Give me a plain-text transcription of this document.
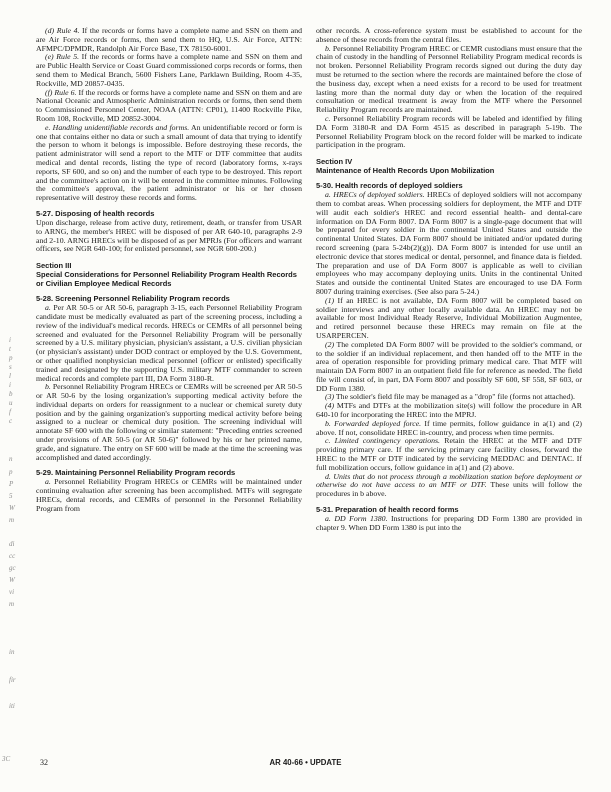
i
t
p
s
l
i
b
u
f
c
n
p
P
5
W
m
di
cc
gc
W
vi
m
in
fir
iti
3C

(d) Rule 4. If the records or forms have a complete name and SSN on them and are Air Force records or forms, then send them to HQ, U.S. Air Force, ATTN: AFMPC/DPMDR, Randolph Air Force Base, TX 78150-6001.

(e) Rule 5. If the records or forms have a complete name and SSN on them and are Public Health Service or Coast Guard commissioned corps records or forms, then send them to Medical Branch, 5600 Fishers Lane, Parklawn Building, Room 4-35, Rockville, MD 20857-0435.

(f) Rule 6. If the records or forms have a complete name and SSN on them and are National Oceanic and Atmospheric Administration records or forms, then send them to Commissioned Personnel Center, NOAA (ATTN: CP01), 11400 Rockville Pike, Room 108, Rockville, MD 20852-3004.

e. Handling unidentifiable records and forms. An unidentifiable record or form is one that contains either no data or such a small amount of data that trying to identify the person to whom it belongs is impossible. Before destroying these records, the patient administrator will send a report to the MTF or DTF committee that audits medical and dental records, listing the type of record (laboratory forms, x-rays reports, SF 600, and so on) and the number of each type to be destroyed. This report and the committee's action on it will be entered in the committee minutes. Following the committee's approval, the patient administrator or his or her chosen representative will destroy these records and forms.

5-27. Disposing of health records

Upon discharge, release from active duty, retirement, death, or transfer from USAR to ARNG, the member's HREC will be disposed of per AR 640-10, paragraphs 2-9 and 2-10. ARNG HRECs will be disposed of as per MPRJs (For officers and warrant officers, see NGR 640-100; for enlisted personnel, see NGR 600-200.)

Section III

Special Considerations for Personnel Reliability Program Health Records or Civilian Employee Medical Records

5-28. Screening Personnel Reliability Program records

a. Per AR 50-5 or AR 50-6, paragraph 3-15, each Personnel Reliability Program candidate must be medically evaluated as part of the screening process, including a review of the individual's medical records. HRECs or CEMRs of all personnel being screened and evaluated for the Personnel Reliability Program will be personally screened by a U.S. military physician, physician's assistant, a U.S. civilian physician (or physician's assistant) under DOD contract or employed by the U.S. Government, or other qualified nonphysician medical personnel (officer or enlisted) specifically trained and designated by the supporting U.S. military MTF commander to screen medical records and complete part III, DA Form 3180-R.

b. Personnel Reliability Program HRECs or CEMRs will be screened per AR 50-5 or AR 50-6 by the losing organization's supporting medical activity before the individual departs on orders for reassignment to a nuclear or chemical surety duty position and by the gaining organization's supporting medical activity before being assigned to a nuclear or chemical duty position. The screening individual will annotate SF 600 with the following or similar statement: "Preceding entries screened under provisions of AR 50-5 (or AR 50-6)" followed by his or her printed name, grade, and signature. The entry on SF 600 will be made at the time the screening was accomplished and dated accordingly.

5-29. Maintaining Personnel Reliability Program records

a. Personnel Reliability Program HRECs or CEMRs will be maintained under continuing evaluation after screening has been accomplished. MTFs will segregate HRECs, dental records, and CEMRs of personnel in the Personnel Reliability Program from

other records. A cross-reference system must be established to account for the absence of these records from the central files.

b. Personnel Reliability Program HREC or CEMR custodians must ensure that the chain of custody in the handling of Personnel Reliability Program medical records is not broken. Personnel Reliability Program records signed out during the duty day must be returned to the section where the records are maintained before the close of the business day, except when a need exists for a record to be used for treatment lasting more than the normal duty day or when the location of the required consultation or medical treatment is away from the MTF where the Personnel Reliability Program records are maintained.

c. Personnel Reliability Program records will be labeled and identified by filing DA Form 3180-R and DA Form 4515 as described in paragraph 5-19b. The Personnel Reliability Program block on the record folder will be marked to indicate participation in the program.

Section IV

Maintenance of Health Records Upon Mobilization

5-30. Health records of deployed soldiers

a. HRECs of deployed soldiers. HRECs of deployed soldiers will not accompany them to combat areas. When processing soldiers for deployment, the MTF and DTF will audit each soldier's HREC and record essential health- and dental-care information on DA Form 8007. DA Form 8007 is a single-page document that will be prepared for every soldier in the continental United States and outside the continental United States. DA Form 8007 should be initiated and/or updated during record screening (para 5-24b(2)(g)). DA Form 8007 is intended for use until an electronic device that stores medical or dental, personnel, and finance data is fielded. The preparation and use of DA Form 8007 is applicable as well to civilian employees who may accompany deploying units. Units in the continental United States and outside the continental United States are encouraged to use DA Form 8007 during training exercises. (See also para 5-24.)

(1) If an HREC is not available, DA Form 8007 will be completed based on soldier interviews and any other locally available data. An HREC may not be available for most Individual Ready Reserve, Individual Mobilization Augmentee, and retired personnel because these HRECs may remain on file at the USARPERCEN.

(2) The completed DA Form 8007 will be provided to the soldier's command, or to the soldier if an individual replacement, and then handed off to the MTF in the area of operation responsible for providing primary medical care. That MTF will maintain DA Form 8007 in an outpatient field file for reference as needed. The field file will consist of, in part, DA Form 8007 and possibly SF 600, SF 558, SF 603, or DD Form 1380.

(3) The soldier's field file may be managed as a "drop" file (forms not attached).

(4) MTFs and DTFs at the mobilization site(s) will follow the procedure in AR 640-10 for incorporating the HREC into the MPRJ.

b. Forwarded deployed force. If time permits, follow guidance in a(1) and (2) above. If not, consolidate HREC in-country, and process when time permits.

c. Limited contingency operations. Retain the HREC at the MTF and DTF providing primary care. If the servicing primary care facility closes, forward the HREC to the MTF or DTF indicated by the servicing MEDDAC and DENTAC. If full mobilization occurs, follow guidance in a(1) and (2) above.

d. Units that do not process through a mobilization station before deployment or otherwise do not have access to an MTF or DTF. These units will follow the procedures in b above.

5-31. Preparation of health record forms

a. DD Form 1380. Instructions for preparing DD Form 1380 are provided in chapter 9. When DD Form 1380 is put into the

32	AR 40-66 • UPDATE
